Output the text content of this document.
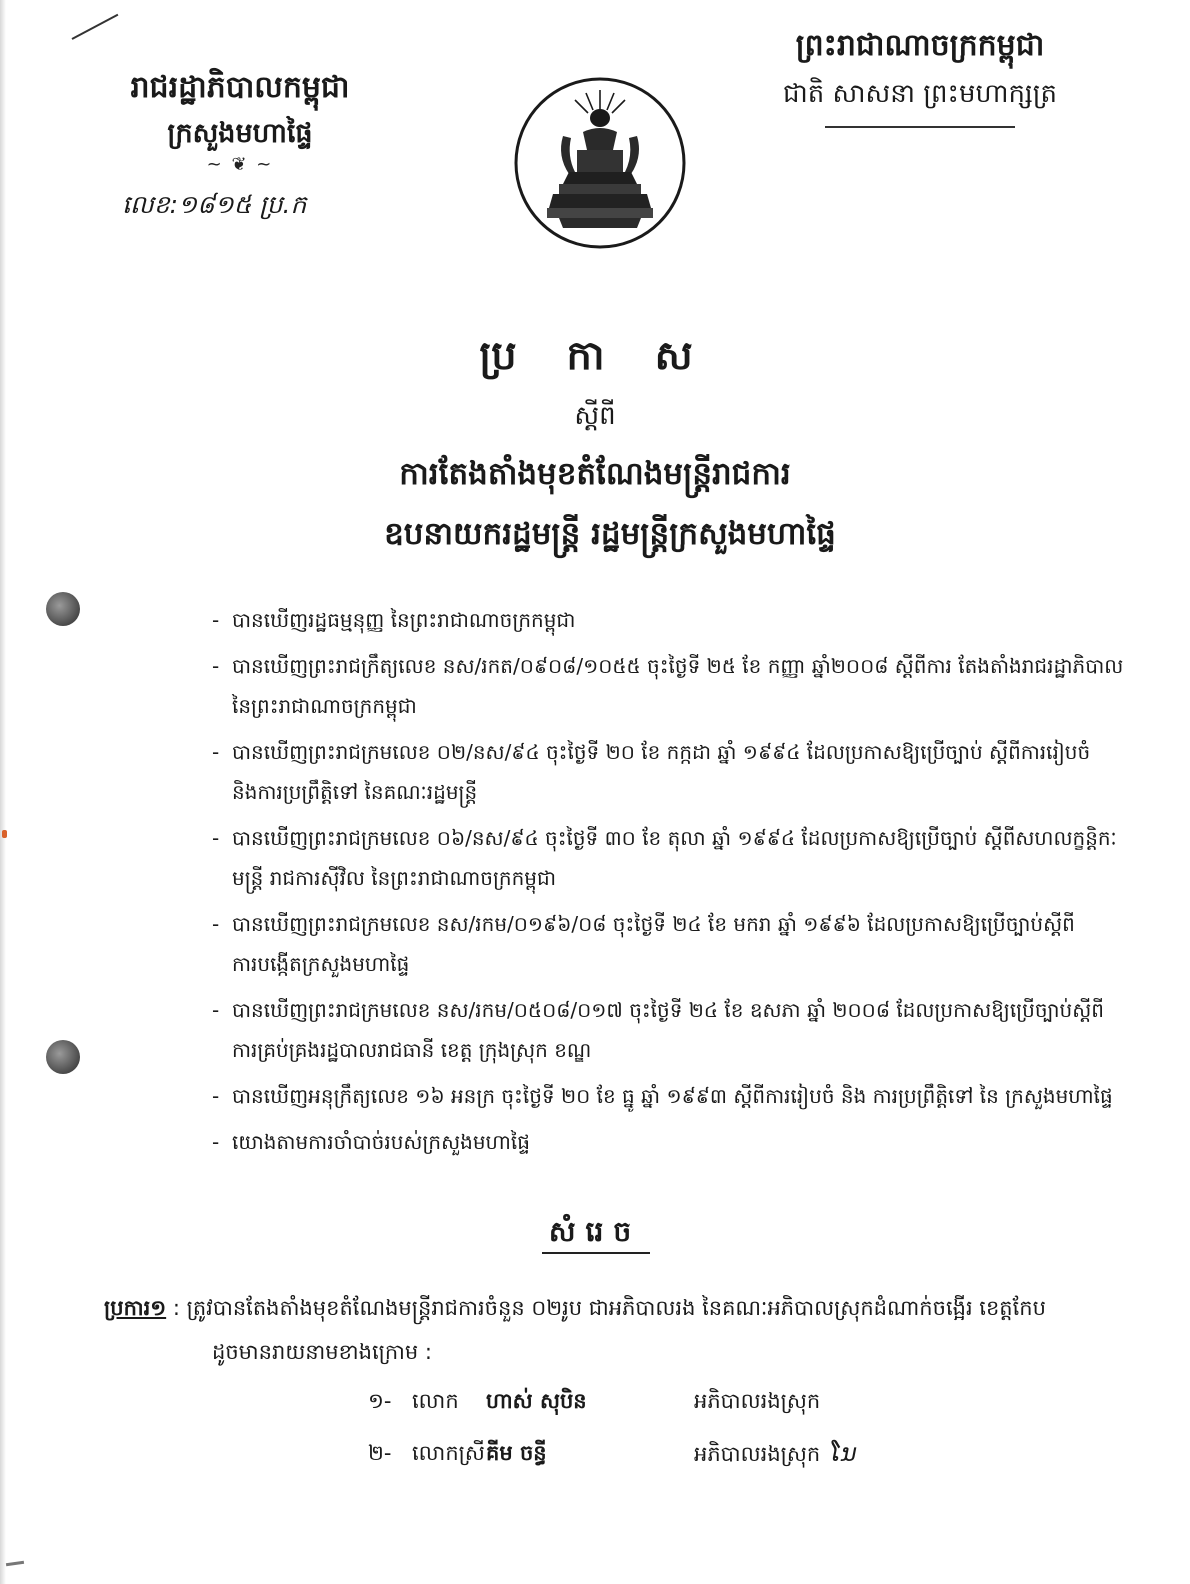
រាជរដ្ឋាភិបាលកម្ពុជា

ក្រសួងមហាផ្ទៃ

~ ❦ ~
លេខ:១៨១៥ ប្រ.ក

ព្រះរាជាណាចក្រកម្ពុជា

ជាតិ សាសនា ព្រះមហាក្សត្រ

ប្រ កា ស
ស្តីពី
ការតែងតាំងមុខតំណែងមន្ត្រីរាជការ
ឧបនាយករដ្ឋមន្ត្រី រដ្ឋមន្ត្រីក្រសួងមហាផ្ទៃ
- បានឃើញរដ្ឋធម្មនុញ្ញ នៃព្រះរាជាណាចក្រកម្ពុជា
- បានឃើញព្រះរាជក្រឹត្យលេខ នស/រកត/០៩០៨/១០៥៥ ចុះថ្ងៃទី ២៥ ខែ កញ្ញា ឆ្នាំ២០០៨ ស្តីពីការ តែងតាំងរាជរដ្ឋាភិបាល
នៃព្រះរាជាណាចក្រកម្ពុជា
- បានឃើញព្រះរាជក្រមលេខ ០២/នស/៩៤ ចុះថ្ងៃទី ២០ ខែ កក្កដា ឆ្នាំ ១៩៩៤ ដែលប្រកាសឱ្យប្រើច្បាប់ ស្តីពីការរៀបចំ
និងការប្រព្រឹត្តិទៅ នៃគណៈរដ្ឋមន្ត្រី
- បានឃើញព្រះរាជក្រមលេខ ០៦/នស/៩៤ ចុះថ្ងៃទី ៣០ ខែ តុលា ឆ្នាំ ១៩៩៤ ដែលប្រកាសឱ្យប្រើច្បាប់ ស្តីពីសហលក្ខន្តិកៈ
មន្ត្រី រាជការស៊ីវិល នៃព្រះរាជាណាចក្រកម្ពុជា
- បានឃើញព្រះរាជក្រមលេខ នស/រកម/០១៩៦/០៨ ចុះថ្ងៃទី ២៤ ខែ មករា ឆ្នាំ ១៩៩៦ ដែលប្រកាសឱ្យប្រើច្បាប់ស្តីពី
ការបង្កើតក្រសួងមហាផ្ទៃ
- បានឃើញព្រះរាជក្រមលេខ នស/រកម/០៥០៨/០១៧ ចុះថ្ងៃទី ២៤ ខែ ឧសភា ឆ្នាំ ២០០៨ ដែលប្រកាសឱ្យប្រើច្បាប់ស្តីពី
ការគ្រប់គ្រងរដ្ឋបាលរាជធានី ខេត្ត ក្រុងស្រុក ខណ្ឌ
- បានឃើញអនុក្រឹត្យលេខ ១៦ អនក្រ ចុះថ្ងៃទី ២០ ខែ ធ្នូ ឆ្នាំ ១៩៩៣ ស្តីពីការរៀបចំ និង ការប្រព្រឹត្តិទៅ នៃ ក្រសួងមហាផ្ទៃ
- យោងតាមការចាំបាច់របស់ក្រសួងមហាផ្ទៃ
សំរេច
ប្រការ១ : ត្រូវបានតែងតាំងមុខតំណែងមន្ត្រីរាជការចំនួន ០២រូប ជាអភិបាលរង នៃគណៈអភិបាលស្រុកដំណាក់ចង្អើរ ខេត្តកែប
ដូចមានរាយនាមខាងក្រោម :
១- លោក	ហាស់ សុបិន	អភិបាលរងស្រុក
២- លោកស្រី គីម ចន្ធី	អភិបាលរងស្រុក ໂນ
